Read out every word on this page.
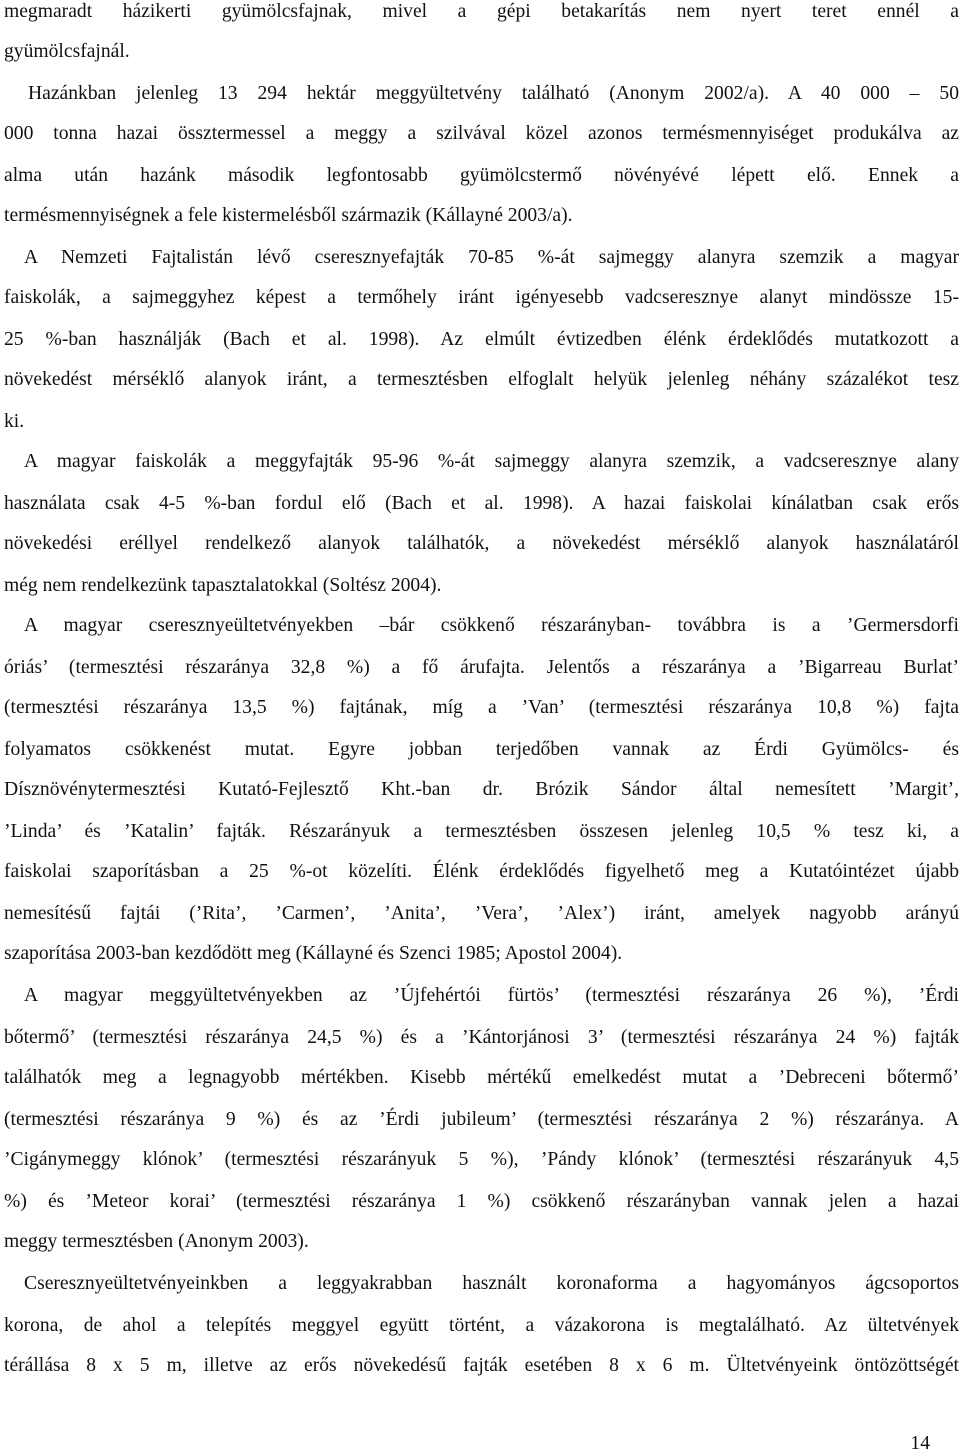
megmaradt házikerti gyümölcsfajnak, mivel a gépi betakarítás nem nyert teret ennél a
gyümölcsfajnál.
Hazánkban jelenleg 13 294 hektár meggyültetvény található (Anonym 2002/a). A 40 000 – 50
000 tonna hazai össztermessel a meggy a szilvával közel azonos termésmennyiséget produkálva az
alma után hazánk második legfontosabb gyümölcstermő növényévé lépett elő. Ennek a
termésmennyiségnek a fele kistermelésből származik (Kállayné 2003/a).
A Nemzeti Fajtalistán lévő cseresznyefajták 70-85 %-át sajmeggy alanyra szemzik a magyar
faiskolák, a sajmeggyhez képest a termőhely iránt igényesebb vadcseresznye alanyt mindössze 15-
25 %-ban használják (Bach et al. 1998). Az elmúlt évtizedben élénk érdeklődés mutatkozott a
növekedést mérséklő alanyok iránt, a termesztésben elfoglalt helyük jelenleg néhány százalékot tesz
ki.
A magyar faiskolák a meggyfajták 95-96 %-át sajmeggy alanyra szemzik, a vadcseresznye alany
használata csak 4-5 %-ban fordul elő (Bach et al. 1998). A hazai faiskolai kínálatban csak erős
növekedési eréllyel rendelkező alanyok találhatók, a növekedést mérséklő alanyok használatáról
még nem rendelkezünk tapasztalatokkal (Soltész 2004).
A magyar cseresznyeültetvényekben –bár csökkenő részarányban- továbbra is a ’Germersdorfi
óriás’ (termesztési részaránya 32,8 %) a fő árufajta. Jelentős a részaránya a ’Bigarreau Burlat’
(termesztési részaránya 13,5 %) fajtának, míg a ’Van’ (termesztési részaránya 10,8 %) fajta
folyamatos csökkenést mutat. Egyre jobban terjedőben vannak az Érdi Gyümölcs- és
Dísznövénytermesztési Kutató-Fejlesztő Kht.-ban dr. Brózik Sándor által nemesített ’Margit’,
’Linda’ és ’Katalin’ fajták. Részarányuk a termesztésben összesen jelenleg 10,5 % tesz ki, a
faiskolai szaporításban a 25 %-ot közelíti. Élénk érdeklődés figyelhető meg a Kutatóintézet újabb
nemesítésű fajtái (’Rita’, ’Carmen’, ’Anita’, ’Vera’, ’Alex’) iránt, amelyek nagyobb arányú
szaporítása 2003-ban kezdődött meg (Kállayné és Szenci 1985; Apostol 2004).
A magyar meggyültetvényekben az ’Újfehértói fürtös’ (termesztési részaránya 26 %), ’Érdi
bőtermő’ (termesztési részaránya 24,5 %) és a ’Kántorjánosi 3’ (termesztési részaránya 24 %) fajták
találhatók meg a legnagyobb mértékben. Kisebb mértékű emelkedést mutat a ’Debreceni bőtermő’
(termesztési részaránya 9 %) és az ’Érdi jubileum’ (termesztési részaránya 2 %) részaránya. A
’Cigánymeggy klónok’ (termesztési részarányuk 5 %), ’Pándy klónok’ (termesztési részarányuk 4,5
%) és ’Meteor korai’ (termesztési részaránya 1 %) csökkenő részarányban vannak jelen a hazai
meggy termesztésben (Anonym 2003).
Cseresznyeültetvényeinkben a leggyakrabban használt koronaforma a hagyományos ágcsoportos
korona, de ahol a telepítés meggyel együtt történt, a vázakorona is megtalálható. Az ültetvények
térállása 8 x 5 m, illetve az erős növekedésű fajták esetében 8 x 6 m. Ültetvényeink öntözöttségét
14
